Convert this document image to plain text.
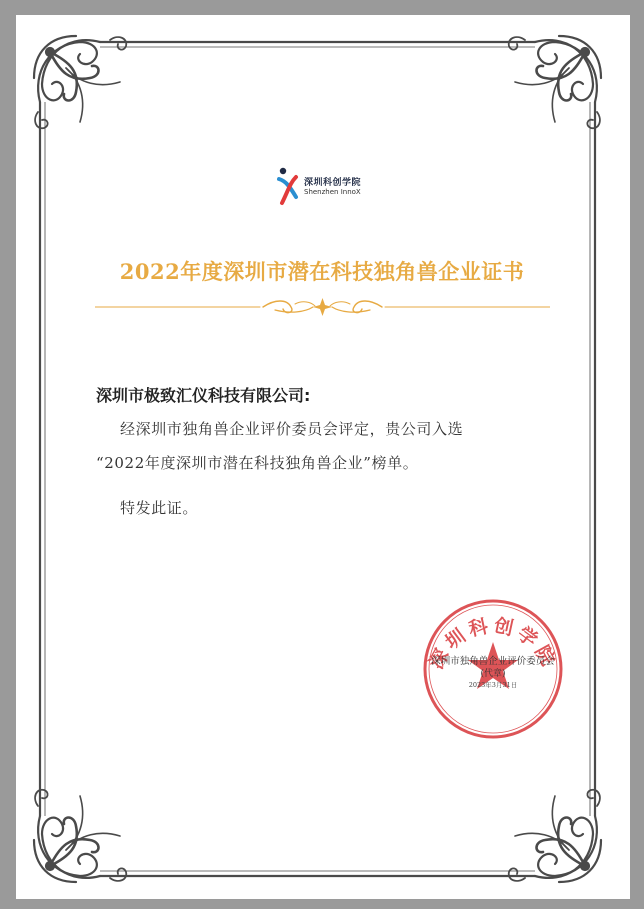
深圳科创学院
Shenzhen InnoX
2022年度深圳市潜在科技独角兽企业证书
深圳市极致汇仪科技有限公司:
经深圳市独角兽企业评价委员会评定，贵公司入选
“2022年度深圳市潜在科技独角兽企业”榜单。
特发此证。
深圳科创学院
深圳市独角兽企业评价委员会
(代章)
2023年3月31日
